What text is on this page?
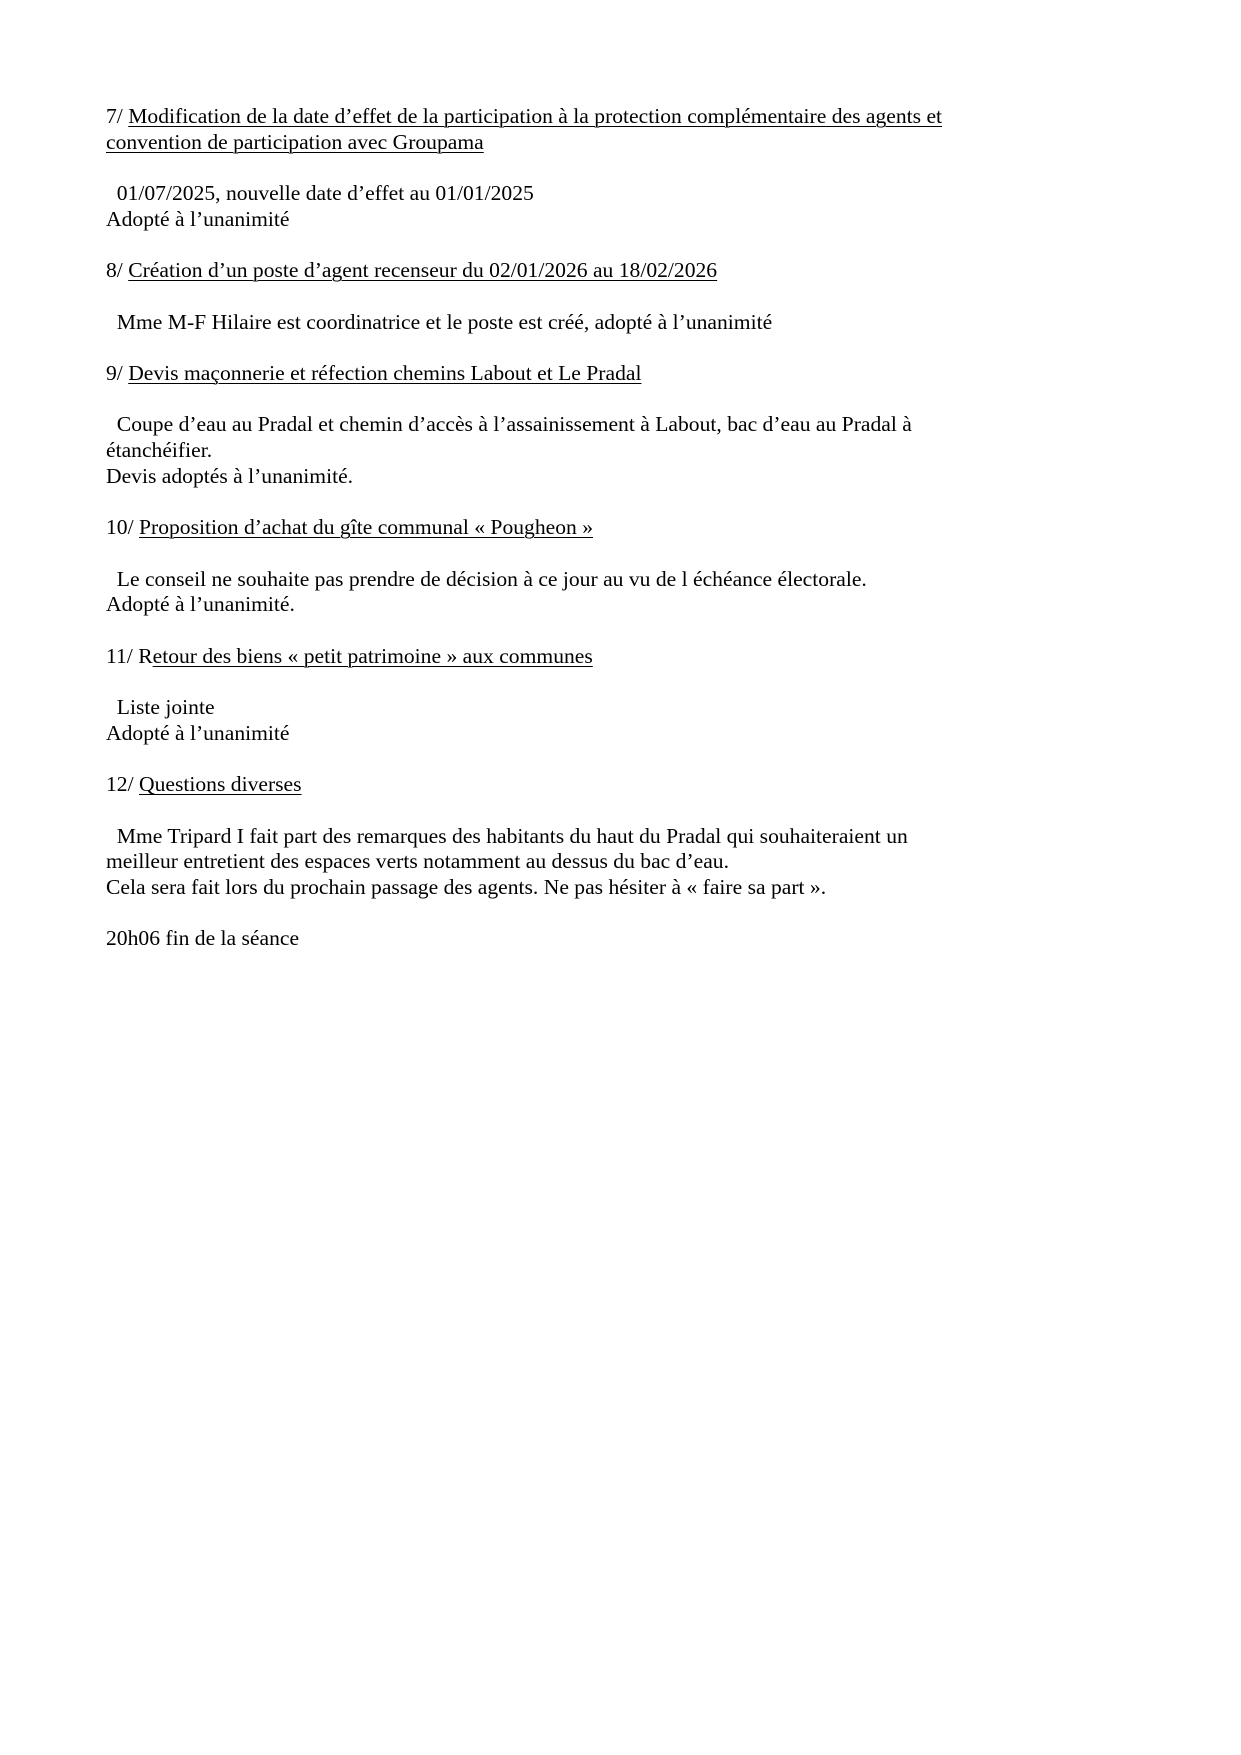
7/ Modification de la date d’effet de la participation à la protection complémentaire des agents et convention de participation avec Groupama

01/07/2025, nouvelle date d’effet au 01/01/2025

Adopté à l’unanimité

8/ Création d’un poste d’agent recenseur du 02/01/2026 au 18/02/2026

Mme M-F Hilaire est coordinatrice et le poste est créé, adopté à l’unanimité

9/ Devis maçonnerie et réfection chemins Labout et Le Pradal

Coupe d’eau au Pradal et chemin d’accès à l’assainissement à Labout, bac d’eau au Pradal à étanchéifier.

Devis adoptés à l’unanimité.

10/ Proposition d’achat du gîte communal « Pougheon »

Le conseil ne souhaite pas prendre de décision à ce jour au vu de l échéance électorale.

Adopté à l’unanimité.

11/ Retour des biens « petit patrimoine » aux communes

Liste jointe

Adopté à l’unanimité

12/ Questions diverses

Mme Tripard I fait part des remarques des habitants du haut du Pradal qui souhaiteraient un meilleur entretient des espaces verts notamment au dessus du bac d’eau.

Cela sera fait lors du prochain passage des agents. Ne pas hésiter à « faire sa part ».

20h06 fin de la séance
